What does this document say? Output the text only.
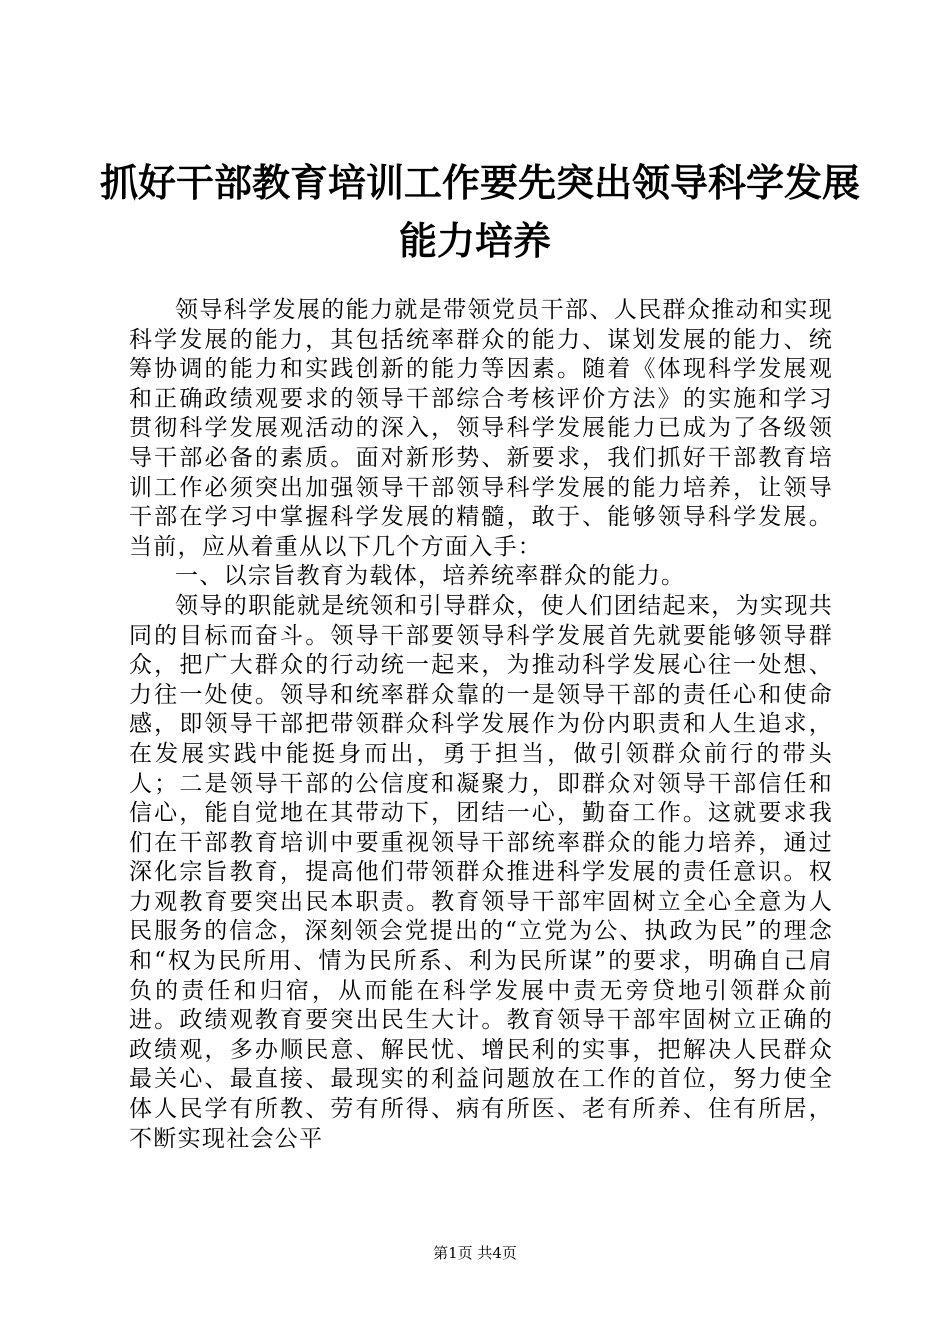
抓好干部教育培训工作要先突出领导科学发展
能力培养

领导科学发展的能力就是带领党员干部、人民群众推动和实现科学发展的能力，其包括统率群众的能力、谋划发展的能力、统筹协调的能力和实践创新的能力等因素。随着《体现科学发展观和正确政绩观要求的领导干部综合考核评价方法》的实施和学习贯彻科学发展观活动的深入，领导科学发展能力已成为了各级领导干部必备的素质。面对新形势、新要求，我们抓好干部教育培训工作必须突出加强领导干部领导科学发展的能力培养，让领导干部在学习中掌握科学发展的精髓，敢于、能够领导科学发展。当前，应从着重从以下几个方面入手：

一、以宗旨教育为载体，培养统率群众的能力。

领导的职能就是统领和引导群众，使人们团结起来，为实现共同的目标而奋斗。领导干部要领导科学发展首先就要能够领导群众，把广大群众的行动统一起来，为推动科学发展心往一处想、力往一处使。领导和统率群众靠的一是领导干部的责任心和使命感，即领导干部把带领群众科学发展作为份内职责和人生追求，在发展实践中能挺身而出，勇于担当，做引领群众前行的带头人；二是领导干部的公信度和凝聚力，即群众对领导干部信任和信心，能自觉地在其带动下，团结一心，勤奋工作。这就要求我们在干部教育培训中要重视领导干部统率群众的能力培养，通过深化宗旨教育，提高他们带领群众推进科学发展的责任意识。权力观教育要突出民本职责。教育领导干部牢固树立全心全意为人民服务的信念，深刻领会党提出的“立党为公、执政为民”的理念和“权为民所用、情为民所系、利为民所谋”的要求，明确自己肩负的责任和归宿，从而能在科学发展中责无旁贷地引领群众前进。政绩观教育要突出民生大计。教育领导干部牢固树立正确的政绩观，多办顺民意、解民忧、增民利的实事，把解决人民群众最关心、最直接、最现实的利益问题放在工作的首位，努力使全体人民学有所教、劳有所得、病有所医、老有所养、住有所居，不断实现社会公平

第1页 共4页
